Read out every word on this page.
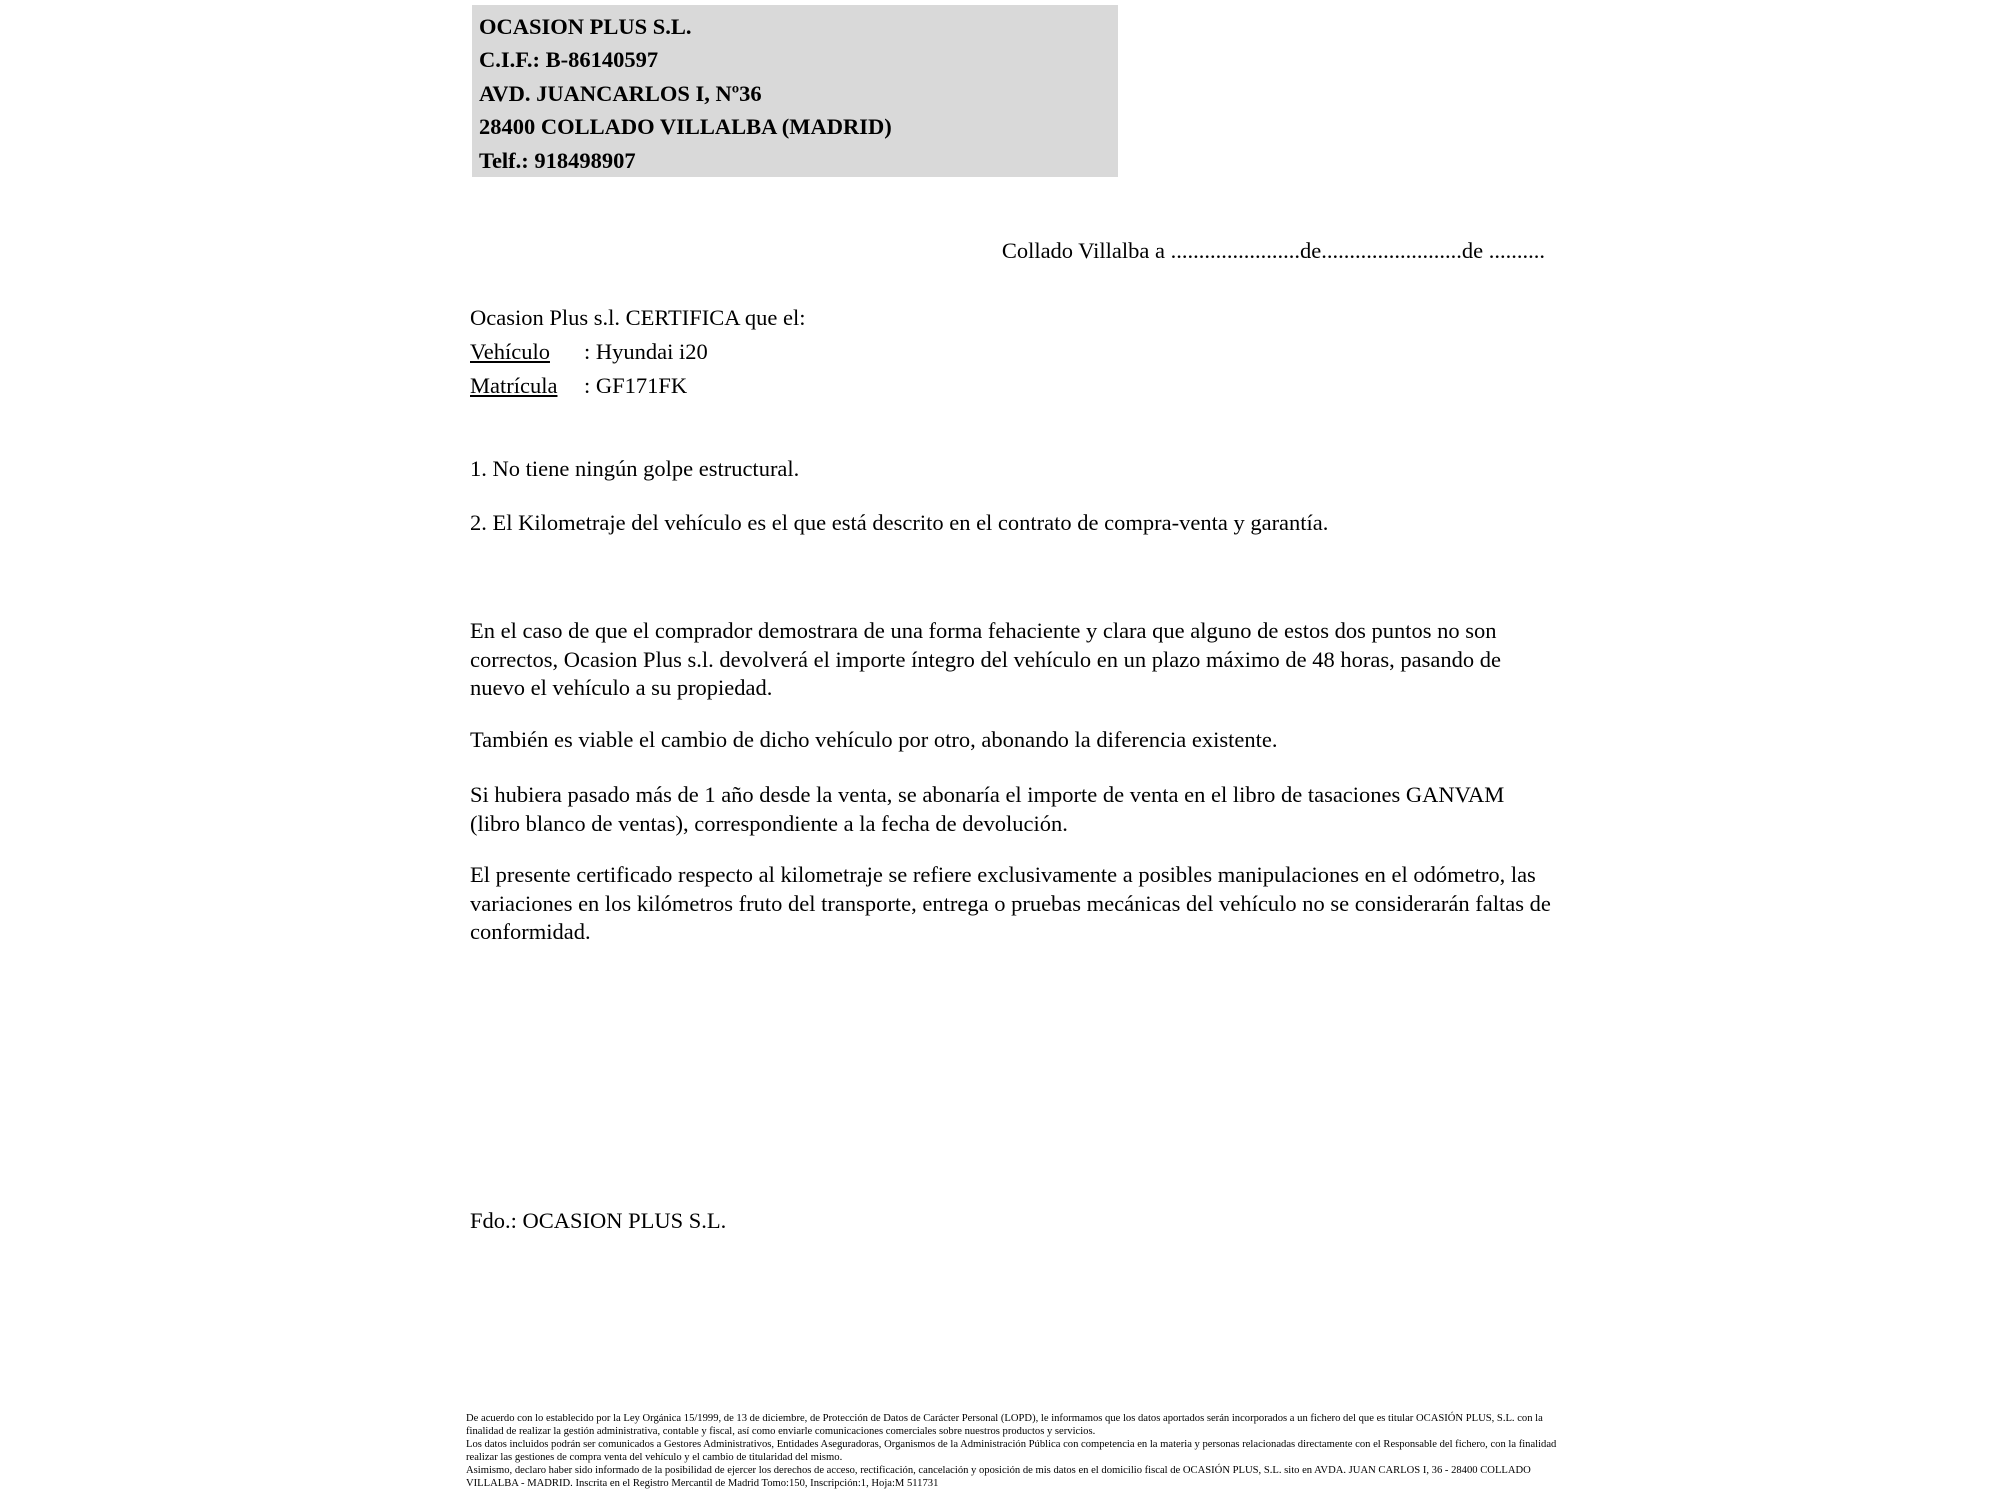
OCASION PLUS S.L.
C.I.F.: B-86140597
AVD. JUANCARLOS I, Nº36
28400 COLLADO VILLALBA (MADRID)
Telf.: 918498907
Collado Villalba a .......................de.........................de ..........
Ocasion Plus s.l. CERTIFICA que el:
Vehículo	: Hyundai i20
Matrícula	: GF171FK

1. No tiene ningún golpe estructural.

2. El Kilometraje del vehículo es el que está descrito en el contrato de compra-venta y garantía.

En el caso de que el comprador demostrara de una forma fehaciente y clara que alguno de estos dos puntos no son correctos, Ocasion Plus s.l. devolverá el importe íntegro del vehículo en un plazo máximo de 48 horas, pasando de nuevo el vehículo a su propiedad.

También es viable el cambio de dicho vehículo por otro, abonando la diferencia existente.

Si hubiera pasado más de 1 año desde la venta, se abonaría el importe de venta en el libro de tasaciones GANVAM (libro blanco de ventas), correspondiente a la fecha de devolución.

El presente certificado respecto al kilometraje se refiere exclusivamente a posibles manipulaciones en el odómetro, las variaciones en los kilómetros fruto del transporte, entrega o pruebas mecánicas del vehículo no se considerarán faltas de conformidad.

Fdo.: OCASION PLUS S.L.

De acuerdo con lo establecido por la Ley Orgánica 15/1999, de 13 de diciembre, de Protección de Datos de Carácter Personal (LOPD), le informamos que los datos aportados serán incorporados a un fichero del que es titular OCASIÓN PLUS, S.L. con la finalidad de realizar la gestión administrativa, contable y fiscal, así como enviarle comunicaciones comerciales sobre nuestros productos y servicios.

Los datos incluidos podrán ser comunicados a Gestores Administrativos, Entidades Aseguradoras, Organismos de la Administración Pública con competencia en la materia y personas relacionadas directamente con el Responsable del fichero, con la finalidad realizar las gestiones de compra venta del vehículo y el cambio de titularidad del mismo.

Asimismo, declaro haber sido informado de la posibilidad de ejercer los derechos de acceso, rectificación, cancelación y oposición de mis datos en el domicilio fiscal de OCASIÓN PLUS, S.L. sito en AVDA. JUAN CARLOS I, 36 - 28400 COLLADO VILLALBA - MADRID. Inscrita en el Registro Mercantil de Madrid Tomo:150, Inscripción:1, Hoja:M 511731
